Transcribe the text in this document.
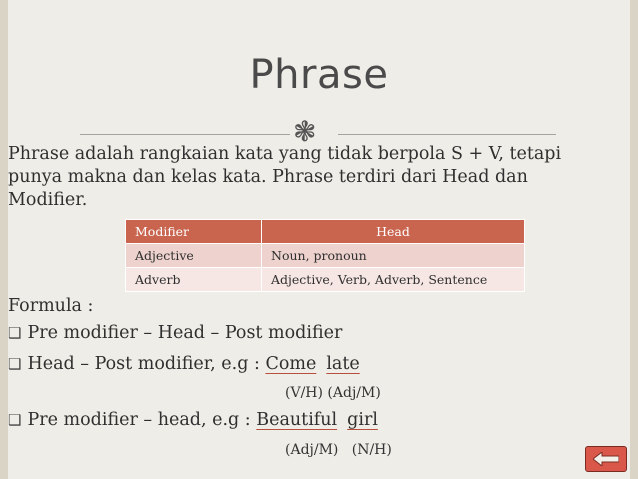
Phrase
❃

Phrase adalah rangkaian kata yang tidak berpola S + V, tetapi punya makna dan kelas kata. Phrase terdiri dari Head dan Modifier.

Modifier	Head
Adjective	Noun, pronoun
Adverb	Adjective, Verb, Adverb, Sentence
Formula :
❑ Pre modifier – Head – Post modifier
❑ Head – Post modifier, e.g : Come late
(V/H) (Adj/M)
❑ Pre modifier – head, e.g : Beautiful girl
(Adj/M)   (N/H)
